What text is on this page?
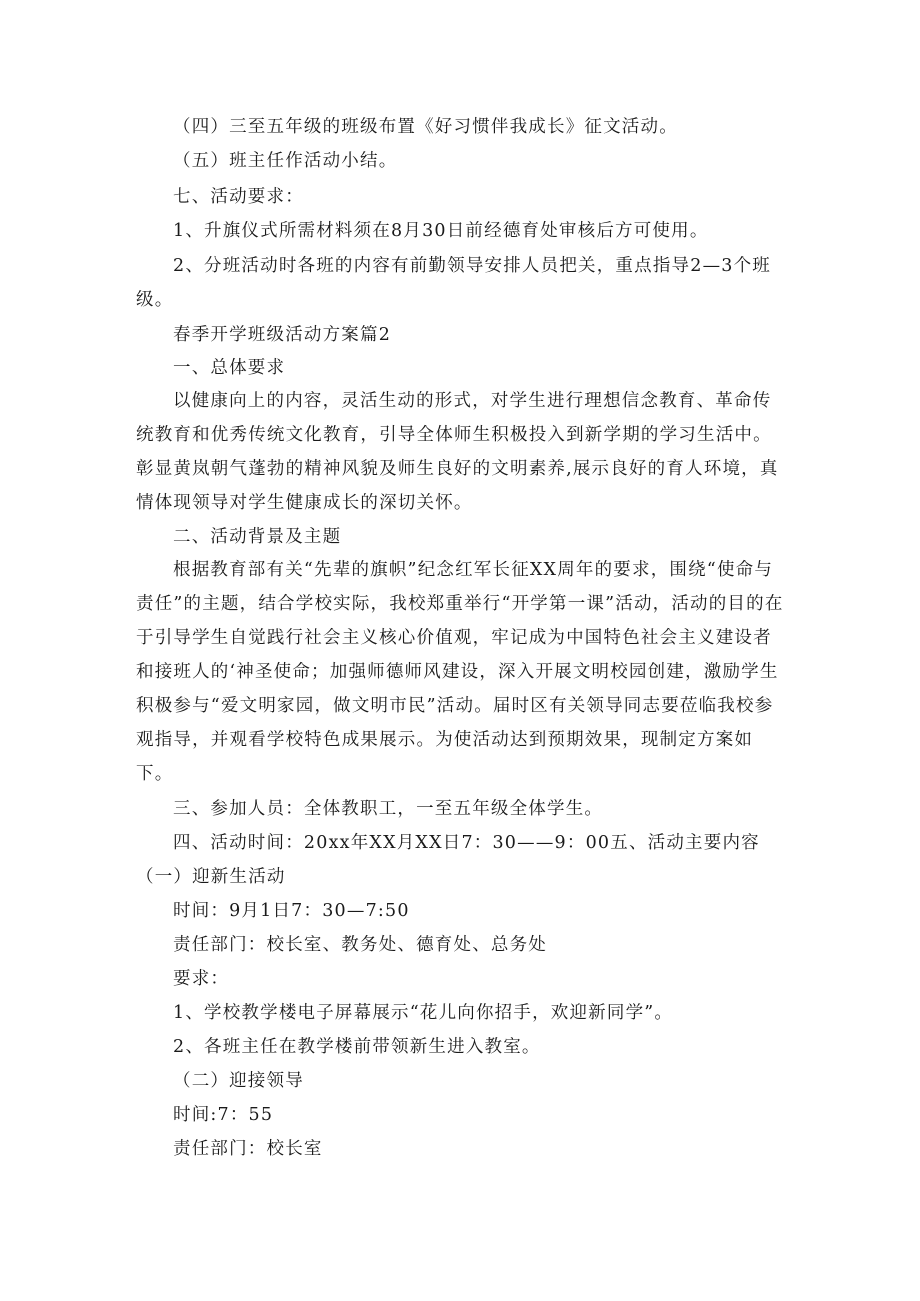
（四）三至五年级的班级布置《好习惯伴我成长》征文活动。

（五）班主任作活动小结。

七、活动要求：

1、升旗仪式所需材料须在8月30日前经德育处审核后方可使用。

2、分班活动时各班的内容有前勤领导安排人员把关，重点指导2—3个班级。

春季开学班级活动方案篇2

一、总体要求

以健康向上的内容，灵活生动的形式，对学生进行理想信念教育、革命传统教育和优秀传统文化教育，引导全体师生积极投入到新学期的学习生活中。彰显黄岚朝气蓬勃的精神风貌及师生良好的文明素养,展示良好的育人环境，真情体现领导对学生健康成长的深切关怀。

二、活动背景及主题

根据教育部有关“先辈的旗帜”纪念红军长征XX周年的要求，围绕“使命与责任”的主题，结合学校实际，我校郑重举行“开学第一课”活动，活动的目的在于引导学生自觉践行社会主义核心价值观，牢记成为中国特色社会主义建设者和接班人的‘神圣使命；加强师德师风建设，深入开展文明校园创建，激励学生积极参与“爱文明家园，做文明市民”活动。届时区有关领导同志要莅临我校参观指导，并观看学校特色成果展示。为使活动达到预期效果，现制定方案如下。

三、参加人员：全体教职工，一至五年级全体学生。

四、活动时间：20xx年XX月XX日7：30——9：00五、活动主要内容（一）迎新生活动

时间：9月1日7：30—7:50

责任部门：校长室、教务处、德育处、总务处

要求：

1、学校教学楼电子屏幕展示“花儿向你招手，欢迎新同学”。

2、各班主任在教学楼前带领新生进入教室。

（二）迎接领导

时间:7：55

责任部门：校长室
